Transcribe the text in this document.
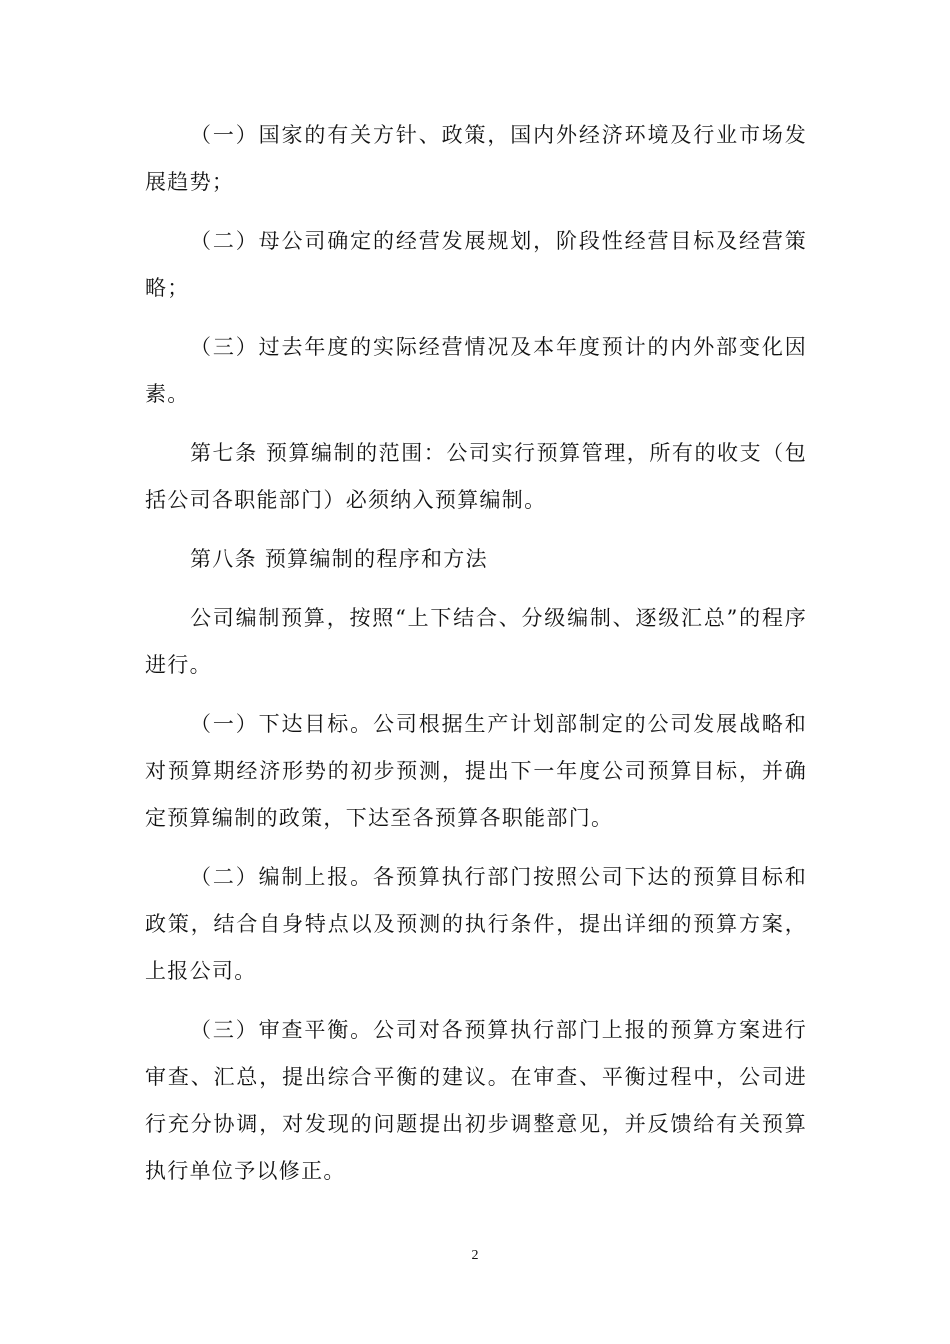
（一）国家的有关方针、政策，国内外经济环境及行业市场发展趋势；

（二）母公司确定的经营发展规划，阶段性经营目标及经营策略；

（三）过去年度的实际经营情况及本年度预计的内外部变化因素。

第七条 预算编制的范围：公司实行预算管理，所有的收支（包括公司各职能部门）必须纳入预算编制。

第八条 预算编制的程序和方法

公司编制预算，按照“上下结合、分级编制、逐级汇总”的程序进行。

（一）下达目标。公司根据生产计划部制定的公司发展战略和对预算期经济形势的初步预测，提出下一年度公司预算目标，并确定预算编制的政策，下达至各预算各职能部门。

（二）编制上报。各预算执行部门按照公司下达的预算目标和政策，结合自身特点以及预测的执行条件，提出详细的预算方案，上报公司。

（三）审查平衡。公司对各预算执行部门上报的预算方案进行审查、汇总，提出综合平衡的建议。在审查、平衡过程中，公司进行充分协调，对发现的问题提出初步调整意见，并反馈给有关预算执行单位予以修正。

2
